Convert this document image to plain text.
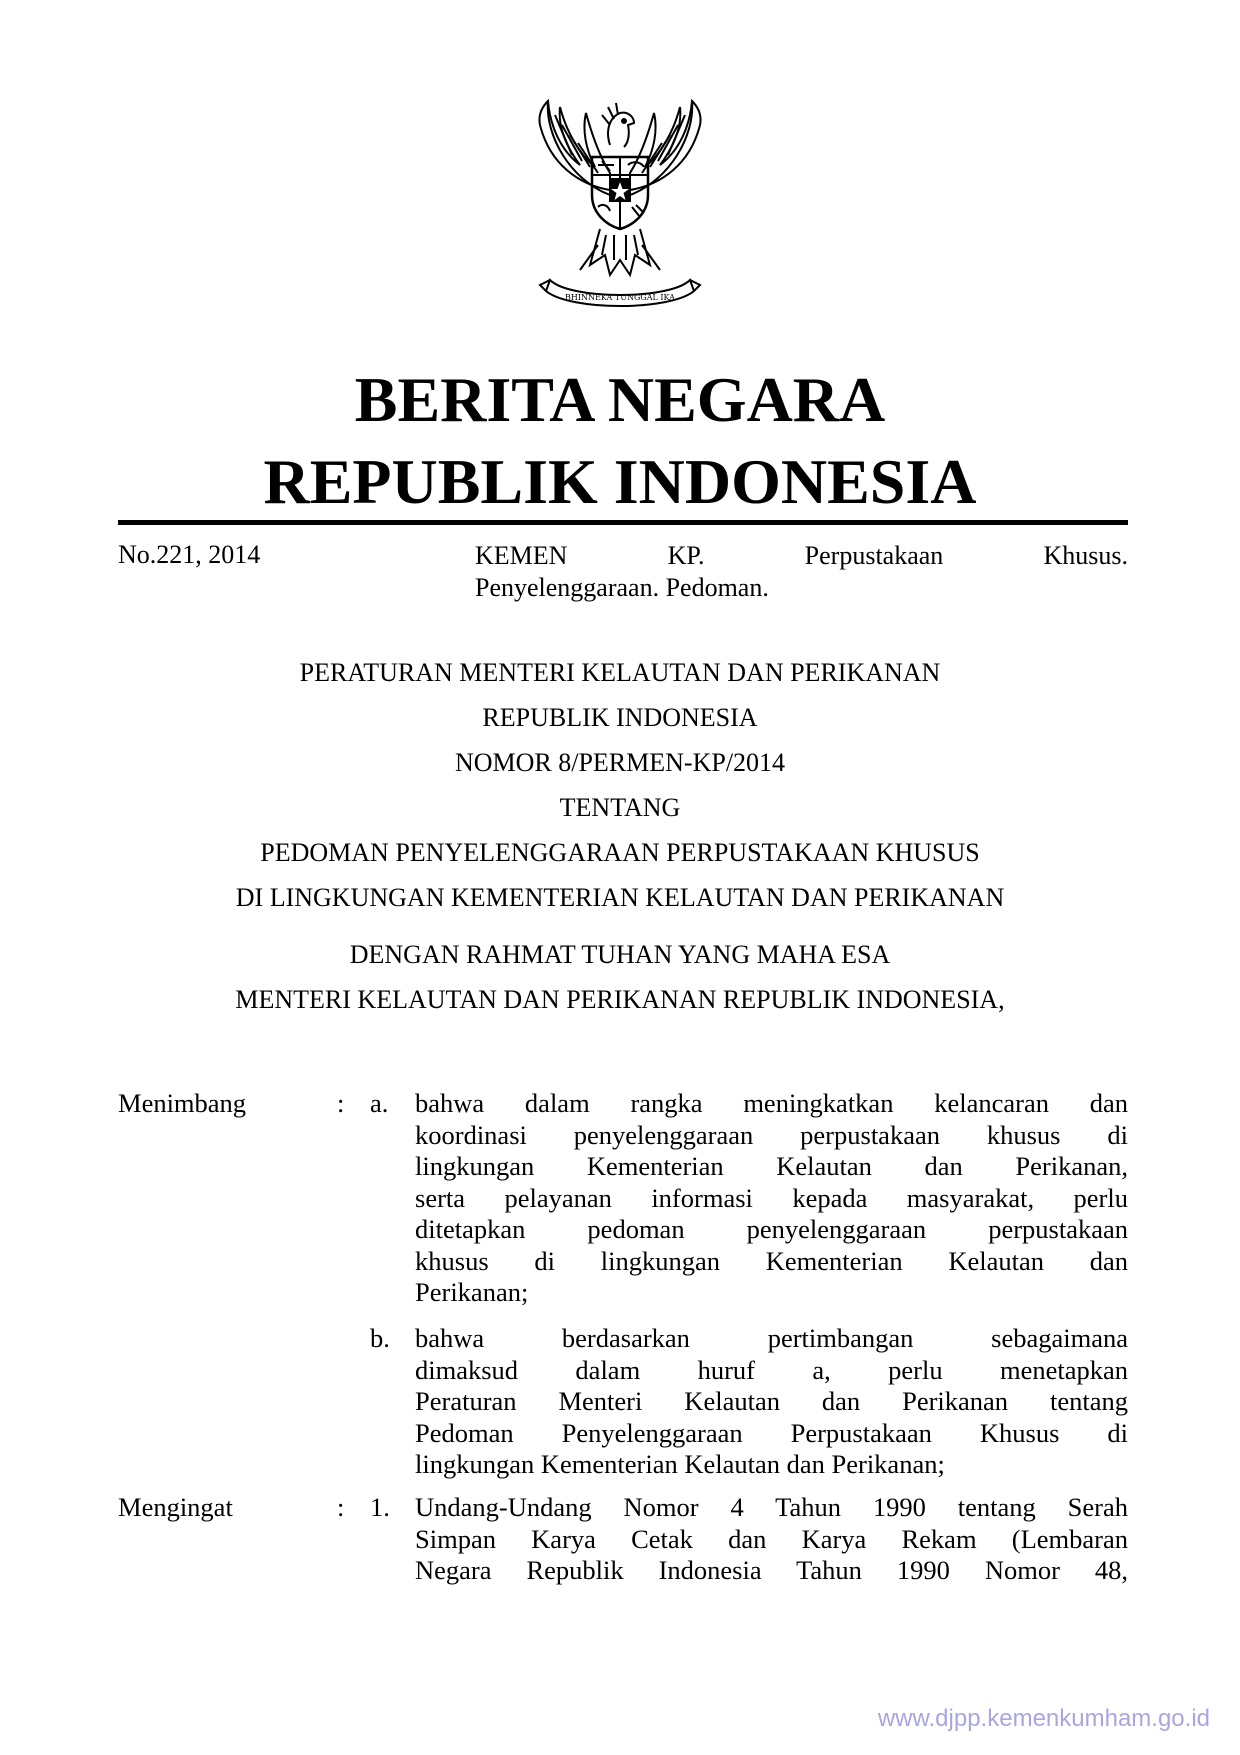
BHINNEKA TUNGGAL IKA
BERITA NEGARA
REPUBLIK INDONESIA
No.221, 2014	KEMEN	KP.	Perpustakaan	Khusus.
Penyelenggaraan. Pedoman.
PERATURAN MENTERI KELAUTAN DAN PERIKANAN
REPUBLIK INDONESIA
NOMOR 8/PERMEN-KP/2014
TENTANG
PEDOMAN PENYELENGGARAAN PERPUSTAKAAN KHUSUS
DI LINGKUNGAN KEMENTERIAN KELAUTAN DAN PERIKANAN
DENGAN RAHMAT TUHAN YANG MAHA ESA
MENTERI KELAUTAN DAN PERIKANAN REPUBLIK INDONESIA,
Menimbang	: a. bahwa dalam rangka meningkatkan kelancaran dan
koordinasi penyelenggaraan perpustakaan khusus di
lingkungan Kementerian Kelautan dan Perikanan,
serta pelayanan informasi kepada masyarakat, perlu
ditetapkan pedoman penyelenggaraan perpustakaan
khusus di lingkungan Kementerian Kelautan dan
Perikanan;
b. bahwa berdasarkan pertimbangan sebagaimana
dimaksud dalam huruf a, perlu menetapkan
Peraturan Menteri Kelautan dan Perikanan tentang
Pedoman Penyelenggaraan Perpustakaan Khusus di
lingkungan Kementerian Kelautan dan Perikanan;
Mengingat	: 1. Undang-Undang Nomor 4 Tahun 1990 tentang Serah
Simpan Karya Cetak dan Karya Rekam (Lembaran
Negara Republik Indonesia Tahun 1990 Nomor 48,
www.djpp.kemenkumham.go.id
